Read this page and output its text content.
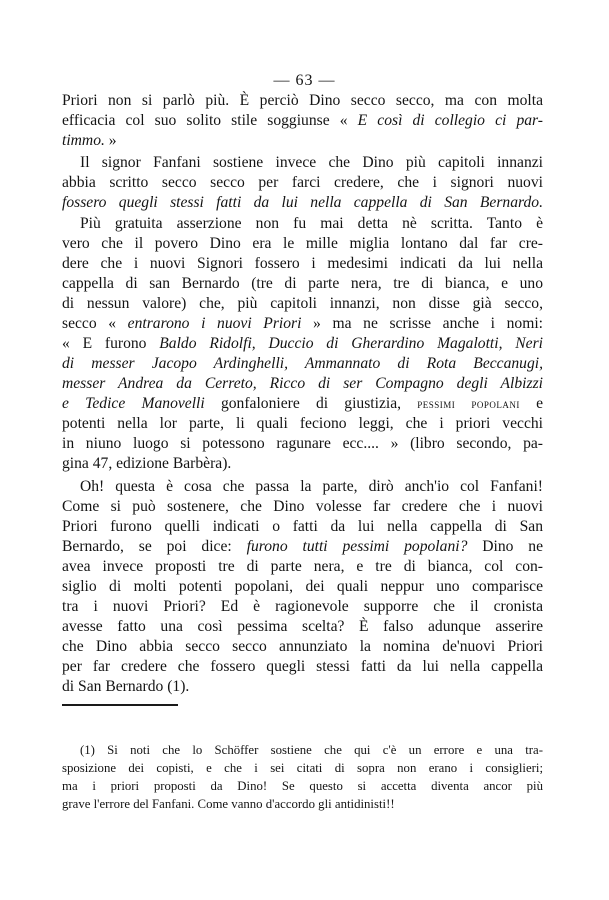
— 63 —
Priori non si parlò più. È perciò Dino secco secco, ma con molta
efficacia col suo solito stile soggiunse « E così di collegio ci par-
timmo. »
Il signor Fanfani sostiene invece che Dino più capitoli innanzi
abbia scritto secco secco per farci credere, che i signori nuovi
fossero quegli stessi fatti da lui nella cappella di San Bernardo.
Più gratuita asserzione non fu mai detta nè scritta. Tanto è
vero che il povero Dino era le mille miglia lontano dal far cre-
dere che i nuovi Signori fossero i medesimi indicati da lui nella
cappella di san Bernardo (tre di parte nera, tre di bianca, e uno
di nessun valore) che, più capitoli innanzi, non disse già secco,
secco « entrarono i nuovi Priori » ma ne scrisse anche i nomi:
« E furono Baldo Ridolfi, Duccio di Gherardino Magalotti, Neri
di messer Jacopo Ardinghelli, Ammannato di Rota Beccanugi,
messer Andrea da Cerreto, Ricco di ser Compagno degli Albizzi
e Tedice Manovelli gonfaloniere di giustizia, pessimi popolani e
potenti nella lor parte, li quali feciono leggi, che i priori vecchi
in niuno luogo si potessono ragunare ecc.... » (libro secondo, pa-
gina 47, edizione Barbèra).
Oh! questa è cosa che passa la parte, dirò anch'io col Fanfani!
Come si può sostenere, che Dino volesse far credere che i nuovi
Priori furono quelli indicati o fatti da lui nella cappella di San
Bernardo, se poi dice: furono tutti pessimi popolani? Dino ne
avea invece proposti tre di parte nera, e tre di bianca, col con-
siglio di molti potenti popolani, dei quali neppur uno comparisce
tra i nuovi Priori? Ed è ragionevole supporre che il cronista
avesse fatto una così pessima scelta? È falso adunque asserire
che Dino abbia secco secco annunziato la nomina de'nuovi Priori
per far credere che fossero quegli stessi fatti da lui nella cappella
di San Bernardo (1).
(1) Si noti che lo Schöffer sostiene che qui c'è un errore e una tra-
sposizione dei copisti, e che i sei citati di sopra non erano i consiglieri;
ma i priori proposti da Dino! Se questo si accetta diventa ancor più
grave l'errore del Fanfani. Come vanno d'accordo gli antidinisti!!
